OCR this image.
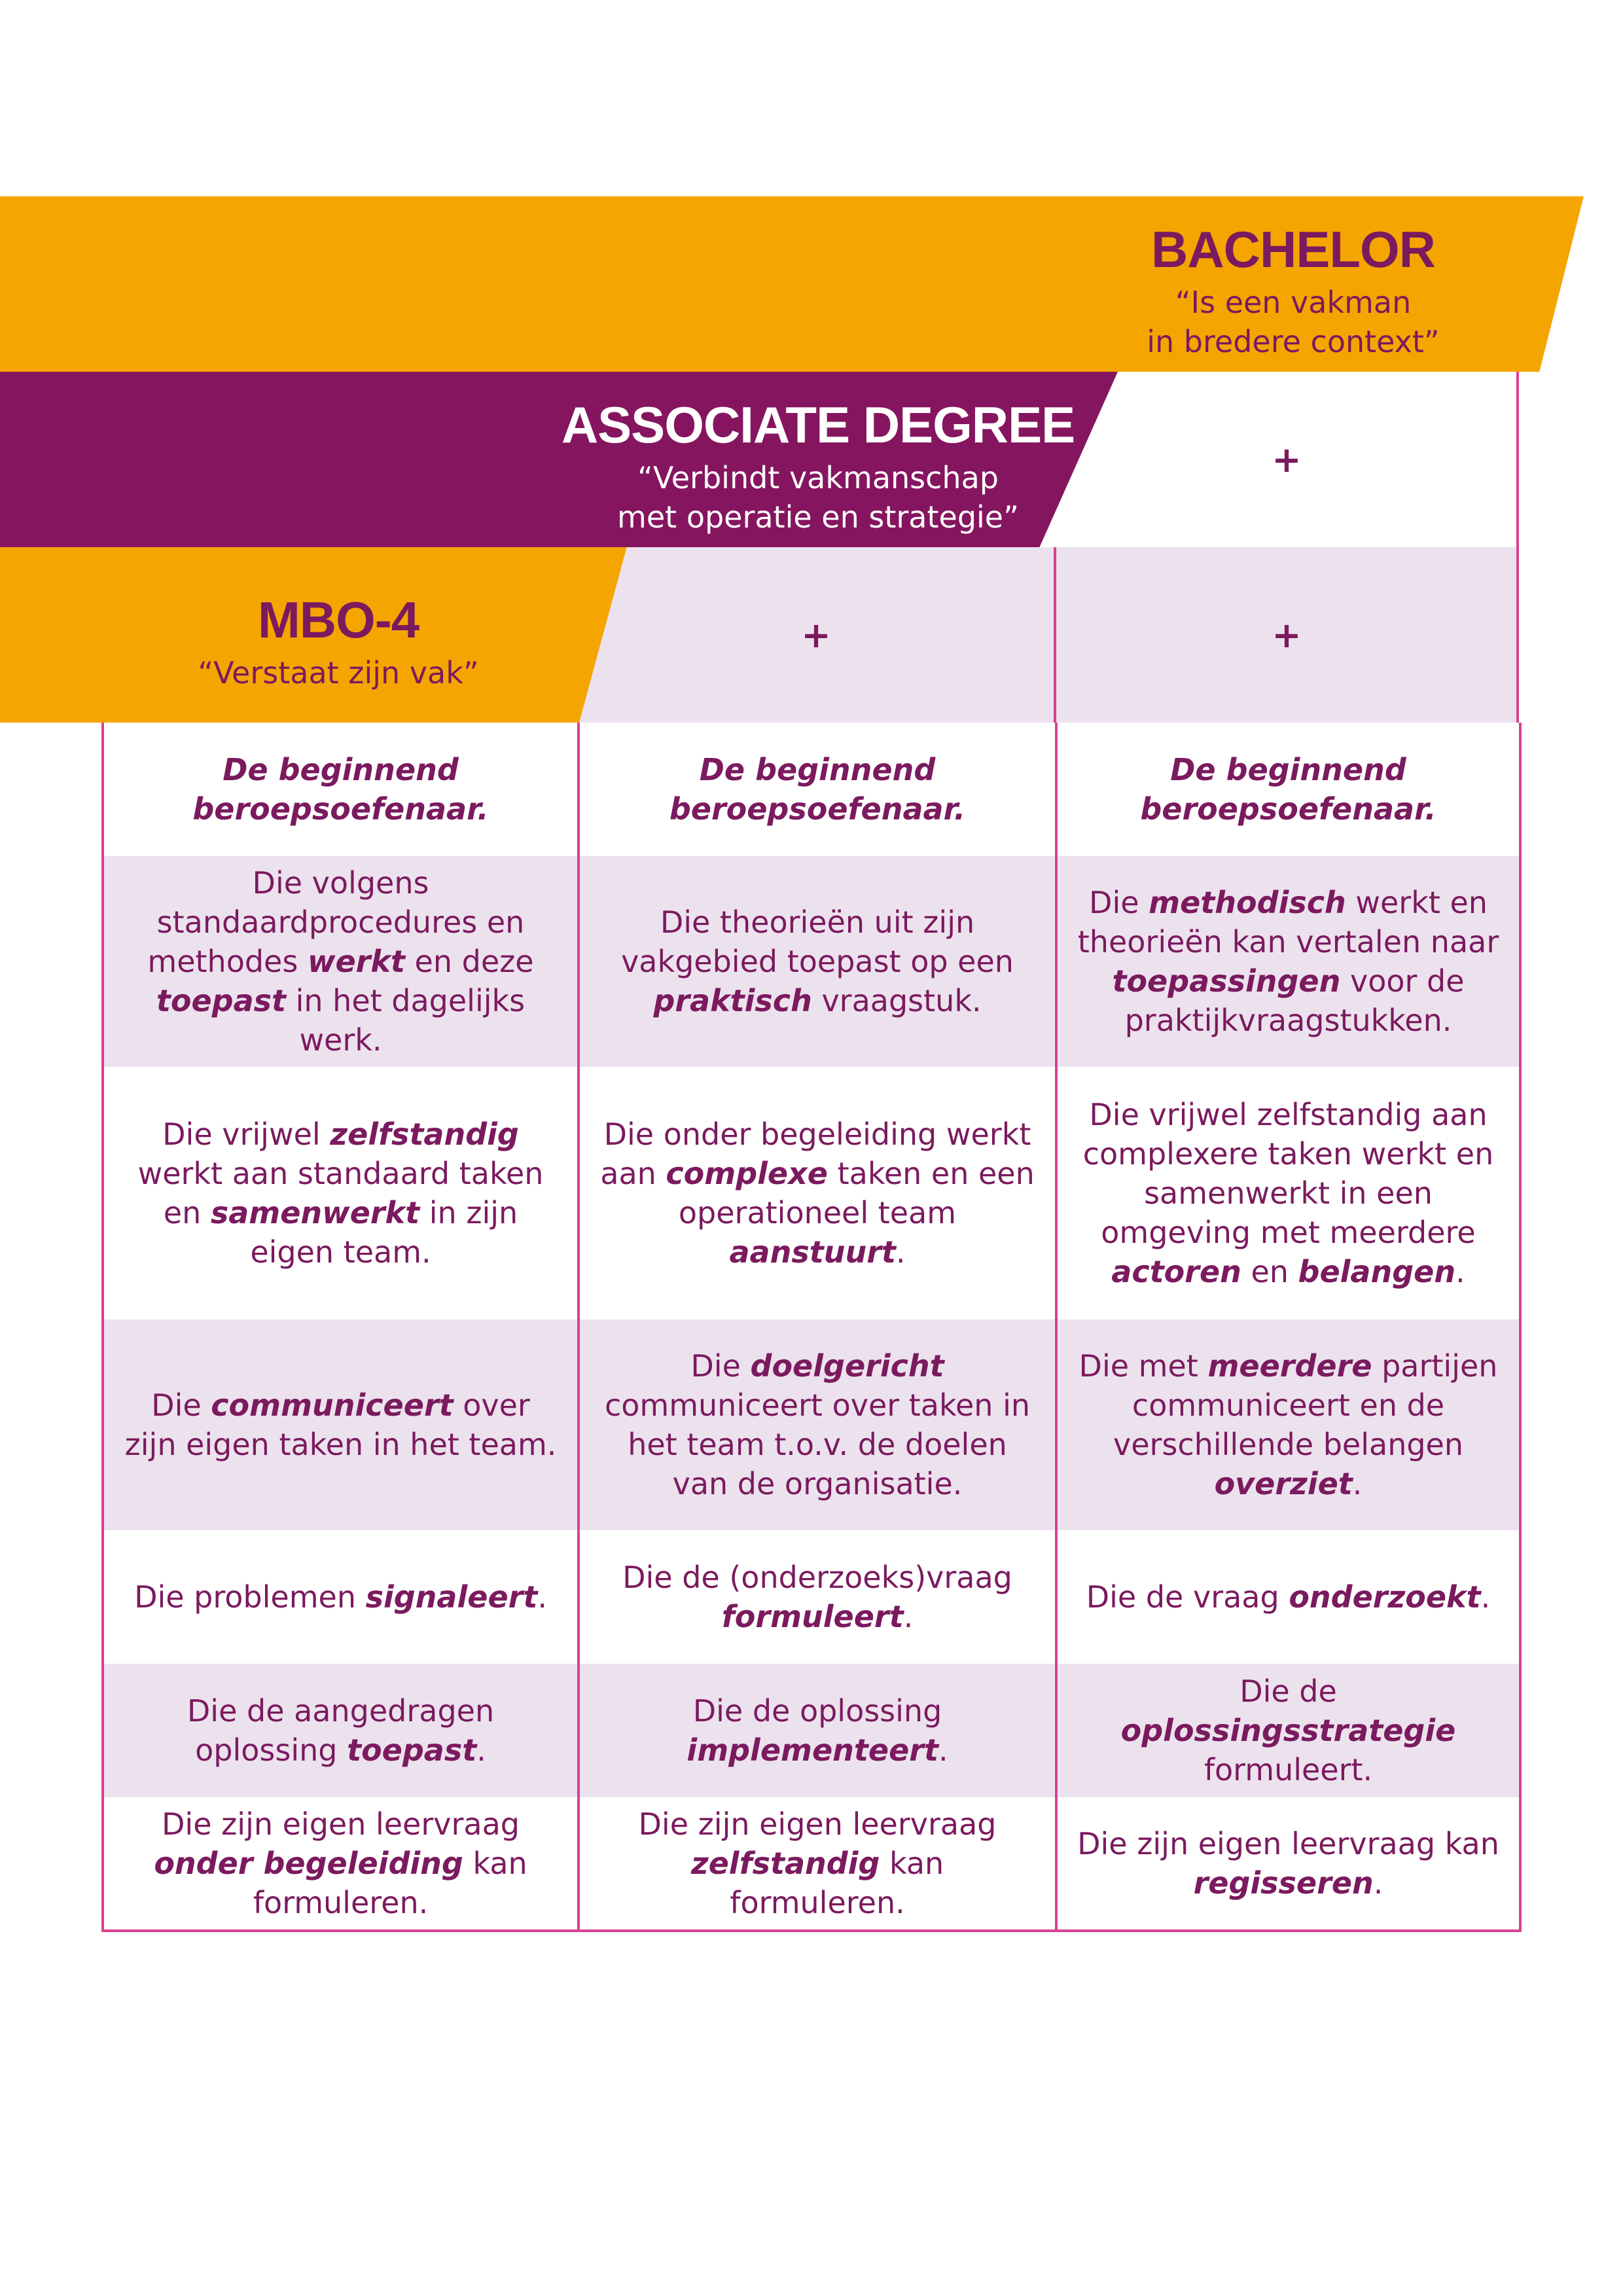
BACHELOR
“Is een vakman
in bredere context”
ASSOCIATE DEGREE
“Verbindt vakmanschap
met operatie en strategie”
MBO-4
“Verstaat zijn vak”
+
+	+
De beginnend beroepsoefenaar.	De beginnend beroepsoefenaar.	De beginnend beroepsoefenaar.
Die volgens standaardprocedures en methodes werkt en deze toepast in het dagelijks werk.	Die theorieën uit zijn vakgebied toepast op een praktisch vraagstuk.	Die methodisch werkt en theorieën kan vertalen naar toepassingen voor de praktijkvraagstukken.
Die vrijwel zelfstandig werkt aan standaard taken en samenwerkt in zijn eigen team.	Die onder begeleiding werkt aan complexe taken en een operationeel team aanstuurt.	Die vrijwel zelfstandig aan complexere taken werkt en samenwerkt in een omgeving met meerdere actoren en belangen.
Die communiceert over zijn eigen taken in het team.	Die doelgericht communiceert over taken in het team t.o.v. de doelen van de organisatie.	Die met meerdere partijen communiceert en de verschillende belangen overziet.
Die problemen signaleert.	Die de (onderzoeks)vraag formuleert.	Die de vraag onderzoekt.
Die de aangedragen oplossing toepast.	Die de oplossing implementeert.	Die de oplossingsstrategie formuleert.
Die zijn eigen leervraag onder begeleiding kan formuleren.	Die zijn eigen leervraag zelfstandig kan formuleren.	Die zijn eigen leervraag kan regisseren.
